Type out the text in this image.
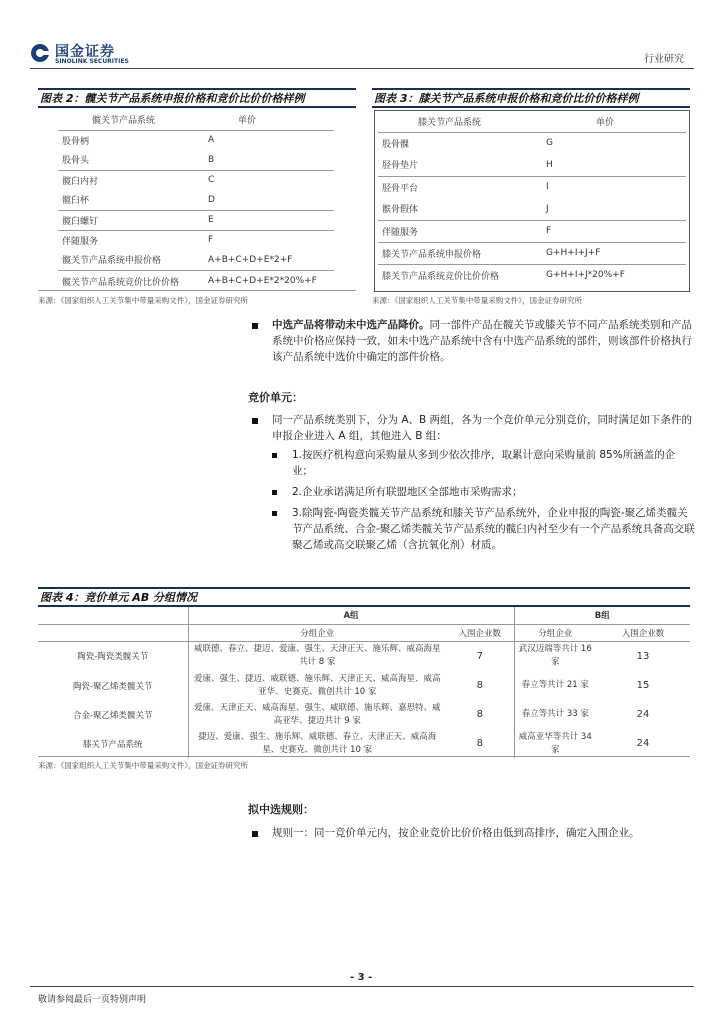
国金证券
SINOLINK SECURITIES	行业研究
图表 2：髋关节产品系统申报价格和竞价比价价格样例
髋关节产品系统	单价
股骨柄	A
股骨头	B
髋臼内衬	C
髋臼杯	D
髋臼螺钉	E
伴随服务	F
髋关节产品系统申报价格	A+B+C+D+E*2+F
髋关节产品系统竞价比价价格	A+B+C+D+E*2*20%+F
来源：《国家组织人工关节集中带量采购文件》，国金证券研究所
图表 3：膝关节产品系统申报价格和竞价比价价格样例
膝关节产品系统	单价
股骨髁	G
胫骨垫片	H
胫骨平台	I
髌骨假体	J
伴随服务	F
膝关节产品系统申报价格	G+H+I+J+F
膝关节产品系统竞价比价价格	G+H+I+J*20%+F
来源：《国家组织人工关节集中带量采购文件》，国金证券研究所
中选产品将带动未中选产品降价。同一部件产品在髋关节或膝关节不同产品系统类别和产品系统中价格应保持一致，如未中选产品系统中含有中选产品系统的部件，则该部件价格执行该产品系统中选价中确定的部件价格。
竞价单元：
同一产品系统类别下，分为 A、B 两组，各为一个竞价单元分别竞价，同时满足如下条件的申报企业进入 A 组，其他进入 B 组：
1.按医疗机构意向采购量从多到少依次排序，取累计意向采购量前 85%所涵盖的企业；
2.企业承诺满足所有联盟地区全部地市采购需求；
3.除陶瓷-陶瓷类髋关节产品系统和膝关节产品系统外，企业申报的陶瓷-聚乙烯类髋关节产品系统、合金-聚乙烯类髋关节产品系统的髋臼内衬至少有一个产品系统具备高交联聚乙烯或高交联聚乙烯（含抗氧化剂）材质。
图表 4：竞价单元 AB 分组情况
	A组		B组	
	分组企业	入围企业数	分组企业	入围企业数
陶瓷-陶瓷类髋关节	威联德、春立、捷迈、爱康、强生、天津正天、施乐辉、威高海星共计 8 家	7	武汉迈瑞等共计 16 家	13
陶瓷-聚乙烯类髋关节	爱康、强生、捷迈、威联德、施乐辉、天津正天、威高海星、威高亚华、史赛克、微创共计 10 家	8	春立等共计 21 家	15
合金-聚乙烯类髋关节	爱康、天津正天、威高海星、强生、威联德、施乐辉、嘉思特、威高亚华、捷迈共计 9 家	8	春立等共计 33 家	24
膝关节产品系统	捷迈、爱康、强生、施乐辉、威联德、春立、天津正天、威高海星、史赛克、微创共计 10 家	8	威高亚华等共计 34 家	24
来源：《国家组织人工关节集中带量采购文件》，国金证券研究所
拟中选规则：
规则一：同一竞价单元内，按企业竞价比价价格由低到高排序，确定入围企业。
- 3 -
敬请参阅最后一页特别声明
